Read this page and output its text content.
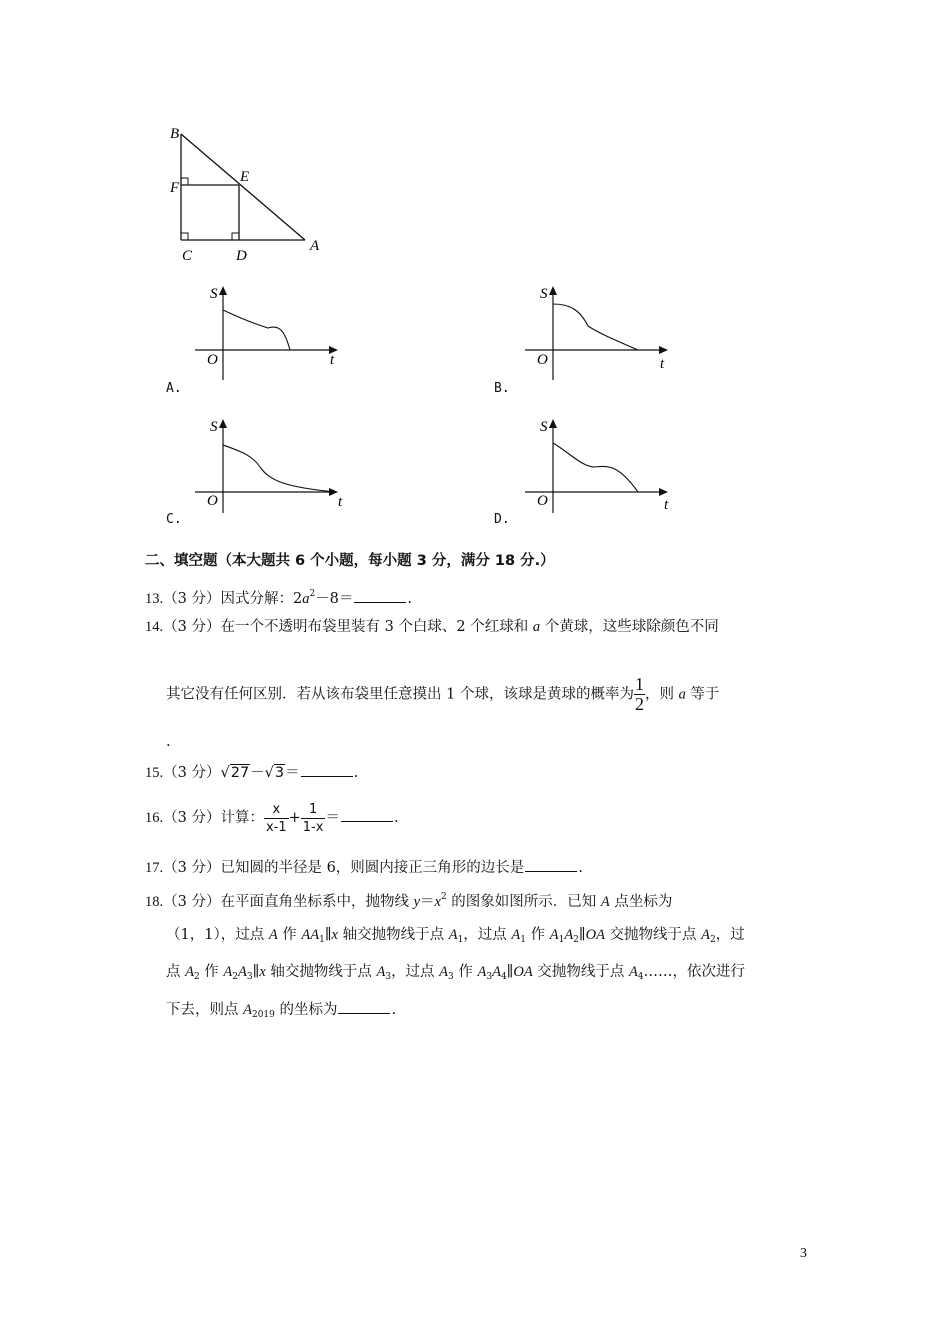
B
E
F
C	D
A
S
O	t
A.
S
O	t
B.
S
O	t
C.
S
O	t
D.
二、填空题（本大题共 6 个小题，每小题 3 分，满分 18 分.）
13.（3 分）因式分解：$2a^2-8=$	.
14.（3 分）在一个不透明布袋里装有 3 个白球、2 个红球和 a 个黄球，这些球除颜色不同
其它没有任何区别．若从该布袋里任意摸出 1 个球，该球是黄球的概率为 $\frac{1}{2}$ ，则 a 等于
.
15.（3 分）√27－√3＝	.
16.（3 分）计算： $\frac{x}{x-1} + \frac{1}{1-x}$ ＝	.
17.（3 分）已知圆的半径是 6，则圆内接正三角形的边长是	.
18.（3 分）在平面直角坐标系中，抛物线 $y=x^2$ 的图象如图所示．已知 A 点坐标为
（1，1），过点 A 作 $AA_1\parallel x$ 轴交抛物线于点 $A_1$，过点 $A_1$ 作 $A_1A_2\parallel OA$ 交抛物线于点 $A_2$，过
点 $A_2$ 作 $A_2A_3\parallel x$ 轴交抛物线于点 $A_3$，过点 $A_3$ 作 $A_3A_4\parallel OA$ 交抛物线于点 $A_4\dots\dots$，依次进行
下去，则点 $A_{2019}$ 的坐标为	.
3
